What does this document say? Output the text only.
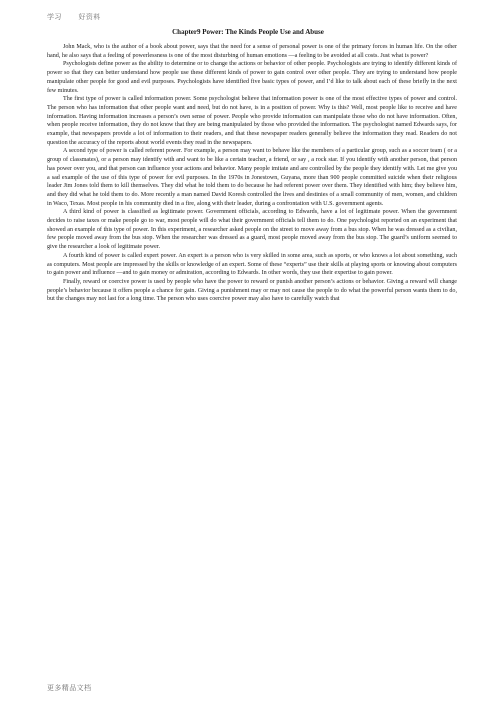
学习 好资料
Chapter9 Power: The Kinds People Use and Abuse

John Mack, who is the author of a book about power, says that the need for a sense of personal power is one of the primary forces in human life. On the other hand, he also says that a feeling of powerlessness is one of the most disturbing of human emotions —a feeling to be avoided at all costs. Just what is power?

Psychologists define power as the ability to determine or to change the actions or behavior of other people. Psychologists are trying to identify different kinds of power so that they can better understand how people use these different kinds of power to gain control over other people. They are trying to understand how people manipulate other people for good and evil purposes. Psychologists have identified five basic types of power, and I’d like to talk about each of these briefly in the next few minutes.

The first type of power is called information power. Some psychologist believe that information power is one of the most effective types of power and control. The person who has information that other people want and need, but do not have, is in a position of power. Why is this? Well, most people like to receive and have information. Having information increases a person’s own sense of power. People who provide information can manipulate those who do not have information. Often, when people receive information, they do not know that they are being manipulated by those who provided the information. The psychologist named Edwards says, for example, that newspapers provide a lot of information to their readers, and that these newspaper readers generally believe the information they read. Readers do not question the accuracy of the reports about world events they read in the newspapers.

A second type of power is called referent power. For example, a person may want to behave like the members of a particular group, such as a soccer team ( or a group of classmates), or a person may identify with and want to be like a certain teacher, a friend, or say , a rock star. If you identify with another person, that person has power over you, and that person can influence your actions and behavior. Many people imitate and are controlled by the people they identify with. Let me give you a sad example of the use of this type of power for evil purposes. In the 1970s in Jonestown, Guyana, more than 900 people committed suicide when their religious leader Jim Jones told them to kill themselves. They did what he told them to do because he had referent power over them. They identified with him; they believe him, and they did what he told them to do. More recently a man named David Koresh controlled the lives and destinies of a small community of men, women, and children in Waco, Texas. Most people in his community died in a fire, along with their leader, during a confrontation with U.S. government agents.

A third kind of power is classified as legitimate power. Government officials, according to Edwards, have a lot of legitimate power. When the government decides to raise taxes or make people go to war, most people will do what their government officials tell them to do. One psychologist reported on an experiment that showed an example of this type of power. In this experiment, a researcher asked people on the street to move away from a bus stop. When he was dressed as a civilian, few people moved away from the bus stop. When the researcher was dressed as a guard, most people moved away from the bus stop. The guard’s uniform seemed to give the researcher a look of legitimate power.

A fourth kind of power is called expert power. An expert is a person who is very skilled in some area, such as sports, or who knows a lot about something, such as computers. Most people are impressed by the skills or knowledge of an expert. Some of these “experts” use their skills at playing sports or knowing about computers to gain power and influence —and to gain money or admiration, according to Edwards. In other words, they use their expertise to gain power.

Finally, reward or coercive power is used by people who have the power to reward or punish another person’s actions or behavior. Giving a reward will change people’s behavior because it offers people a chance for gain. Giving a punishment may or may not cause the people to do what the powerful person wants them to do, but the changes may not last for a long time. The person who uses coercive power may also have to carefully watch that

更多精品文档
